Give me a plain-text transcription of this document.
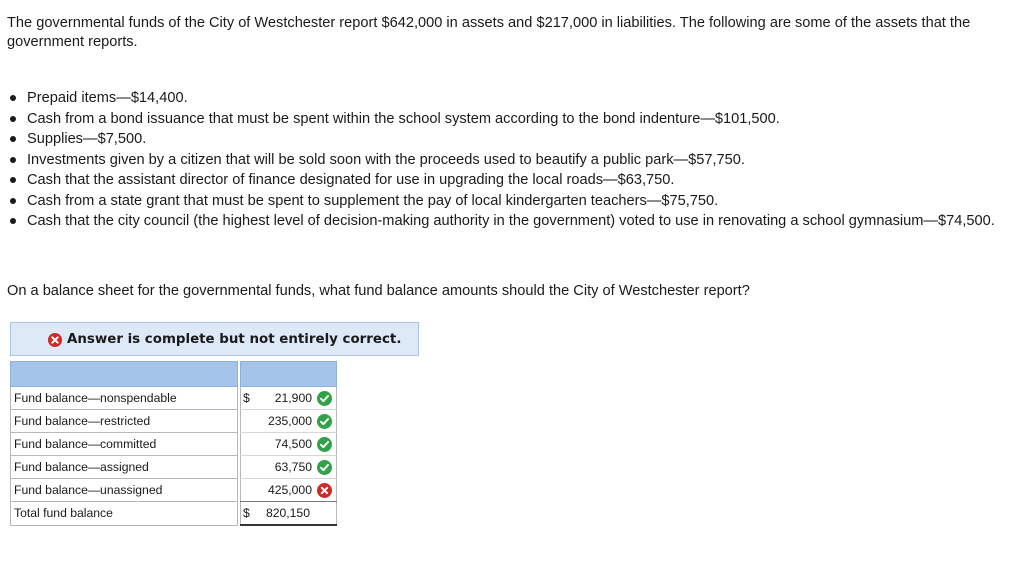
The governmental funds of the City of Westchester report $642,000 in assets and $217,000 in liabilities. The following are some of the assets that the government reports.
Prepaid items—$14,400.
Cash from a bond issuance that must be spent within the school system according to the bond indenture—$101,500.
Supplies—$7,500.
Investments given by a citizen that will be sold soon with the proceeds used to beautify a public park—$57,750.
Cash that the assistant director of finance designated for use in upgrading the local roads—$63,750.
Cash from a state grant that must be spent to supplement the pay of local kindergarten teachers—$75,750.
Cash that the city council (the highest level of decision-making authority in the government) voted to use in renovating a school gymnasium—$74,500.
On a balance sheet for the governmental funds, what fund balance amounts should the City of Westchester report?
Answer is complete but not entirely correct.

Fund balance—nonspendable		$ 21,900

Fund balance—restricted		235,000

Fund balance—committed		74,500

Fund balance—assigned		63,750

Fund balance—unassigned		425,000

Total fund balance		$ 820,150
